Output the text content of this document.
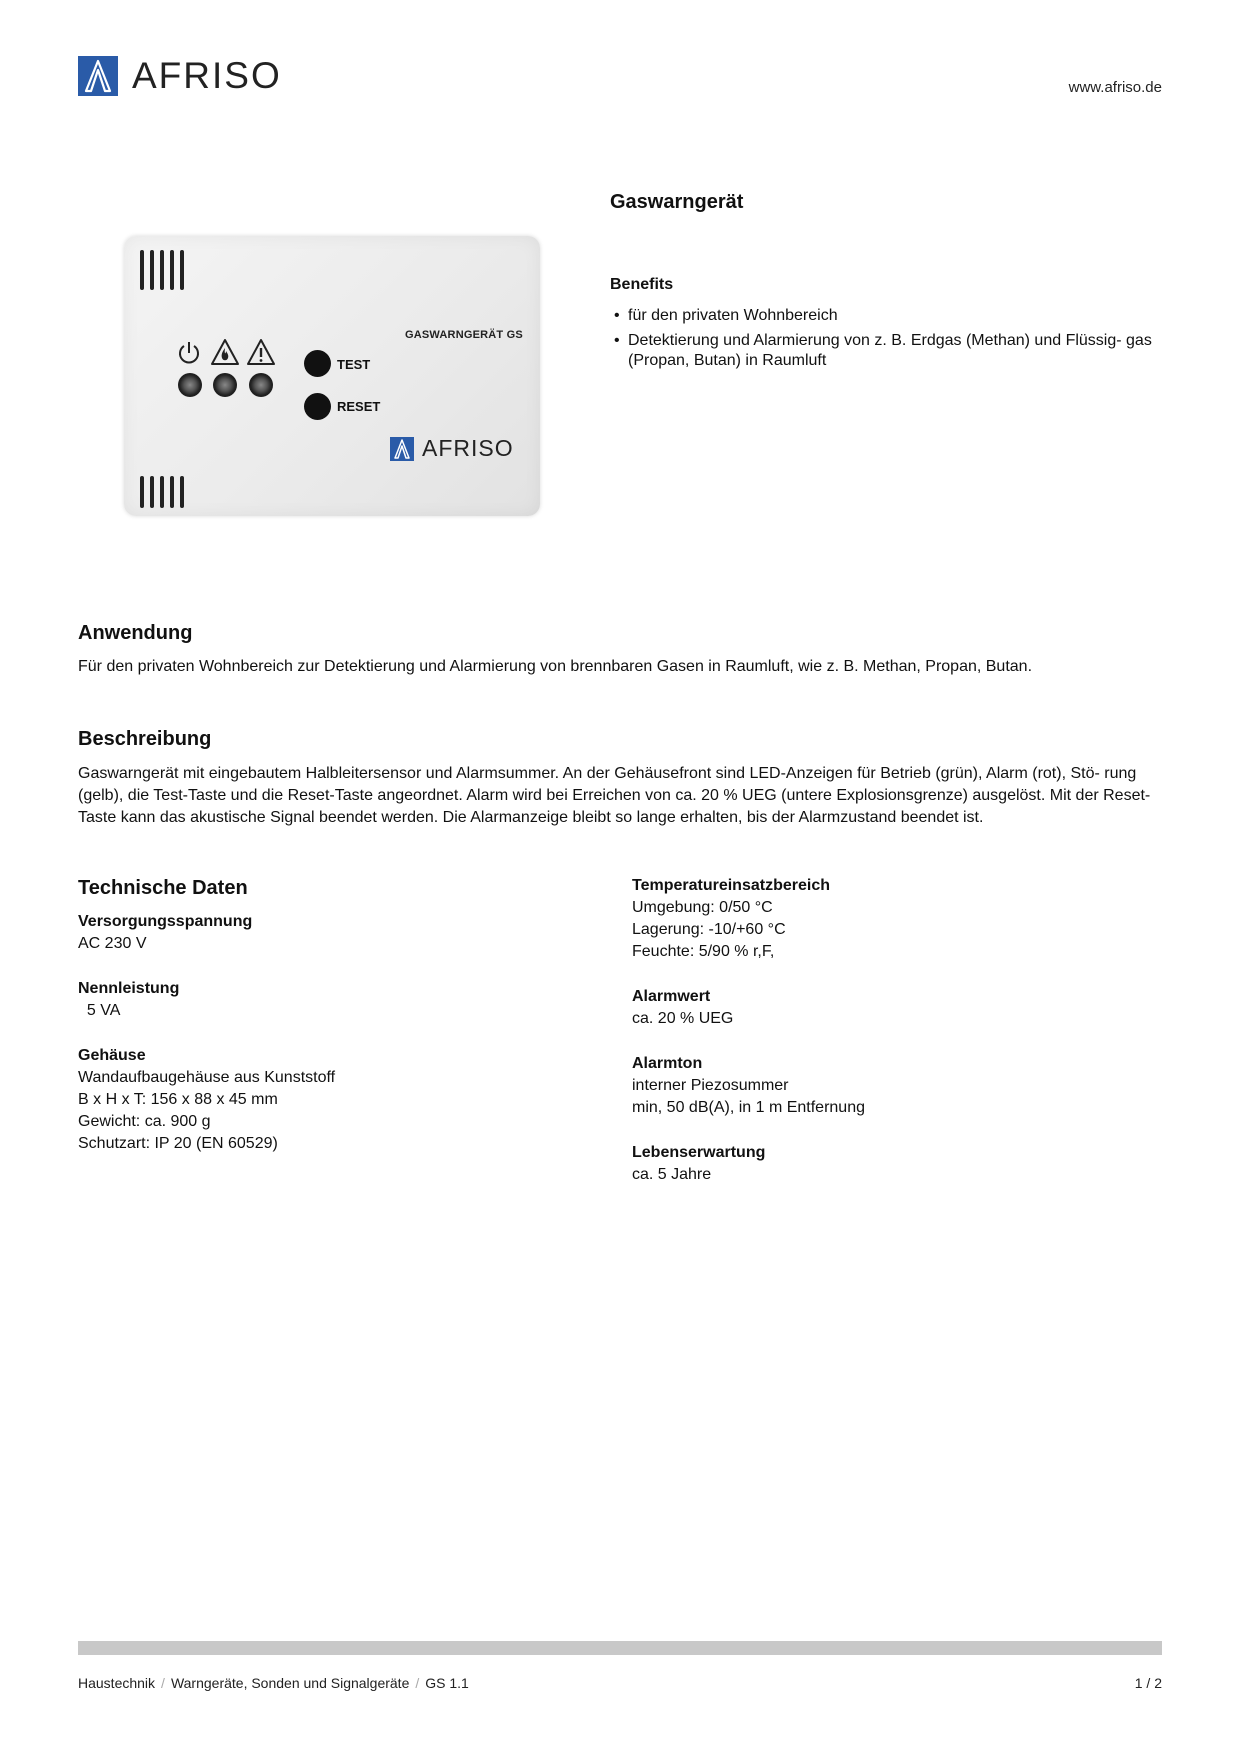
AFRISO	www.afriso.de
GASWARNGERÄT GS
TEST
RESET
AFRISO
Gaswarngerät
Benefits
• für den privaten Wohnbereich
• Detektierung und Alarmierung von z. B. Erdgas (Methan) und Flüssig- gas (Propan, Butan) in Raumluft
Anwendung
Für den privaten Wohnbereich zur Detektierung und Alarmierung von brennbaren Gasen in Raumluft, wie z. B. Methan, Propan, Butan.
Beschreibung
Gaswarngerät mit eingebautem Halbleitersensor und Alarmsummer. An der Gehäusefront sind LED-Anzeigen für Betrieb (grün), Alarm (rot), Stö- rung (gelb), die Test-Taste und die Reset-Taste angeordnet. Alarm wird bei Erreichen von ca. 20 % UEG (untere Explosionsgrenze) ausgelöst. Mit der Reset-Taste kann das akustische Signal beendet werden. Die Alarmanzeige bleibt so lange erhalten, bis der Alarmzustand beendet ist.
Technische Daten
Versorgungsspannung
AC 230 V
Nennleistung
5 VA
Gehäuse
Wandaufbaugehäuse aus Kunststoff
B x H x T: 156 x 88 x 45 mm
Gewicht: ca. 900 g
Schutzart: IP 20 (EN 60529)
Temperatureinsatzbereich
Umgebung: 0/50 °C
Lagerung: -10/+60 °C
Feuchte: 5/90 % r,F,
Alarmwert
ca. 20 % UEG
Alarmton
interner Piezosummer
min, 50 dB(A), in 1 m Entfernung
Lebenserwartung
ca. 5 Jahre
Haustechnik / Warngeräte, Sonden und Signalgeräte / GS 1.1	1 / 2
